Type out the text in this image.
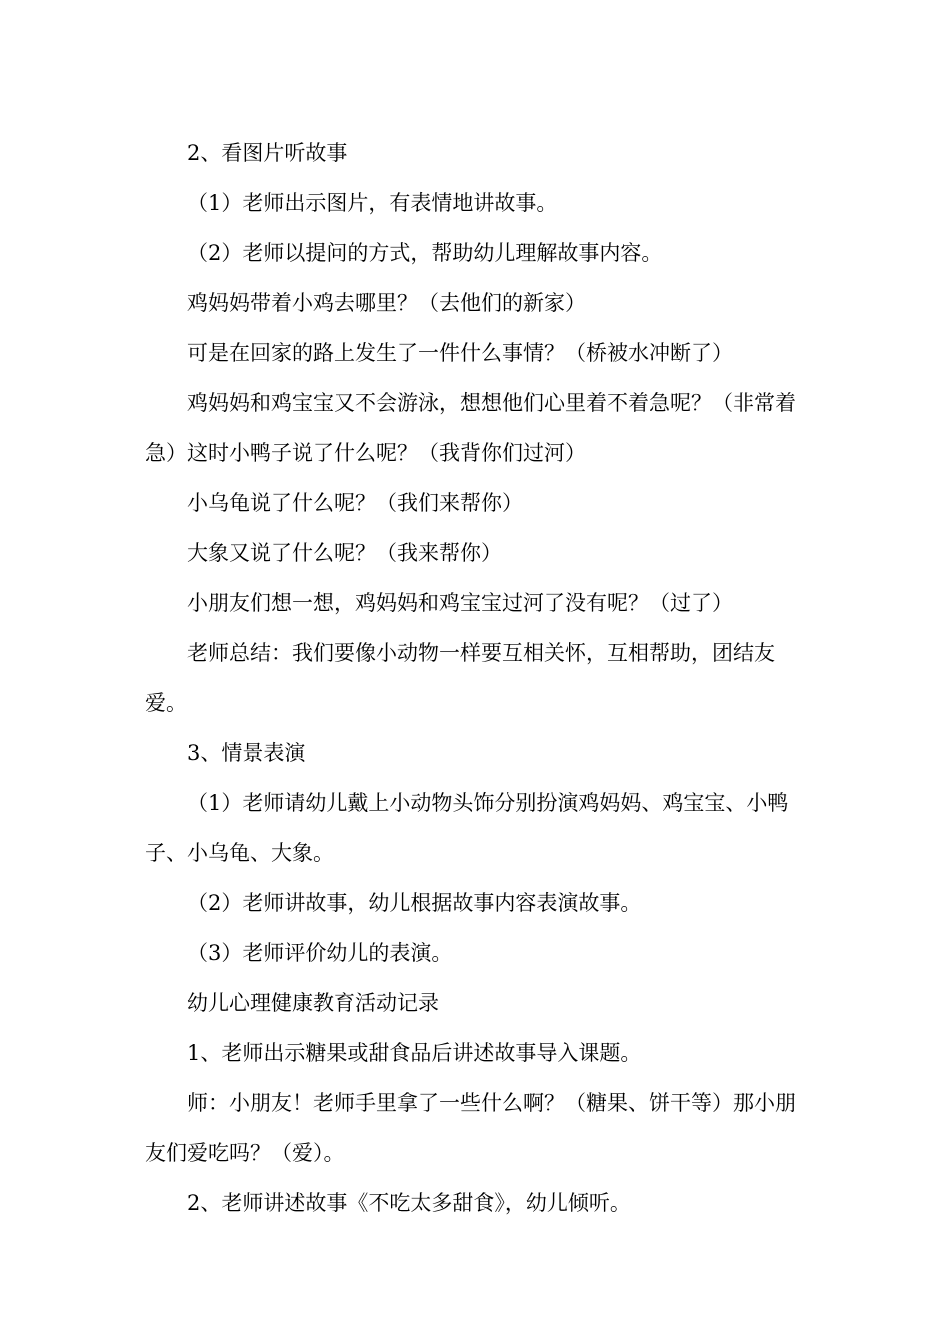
2、看图片听故事

（1）老师出示图片，有表情地讲故事。

（2）老师以提问的方式，帮助幼儿理解故事内容。

鸡妈妈带着小鸡去哪里？（去他们的新家）

可是在回家的路上发生了一件什么事情？（桥被水冲断了）

鸡妈妈和鸡宝宝又不会游泳，想想他们心里着不着急呢？（非常着急）这时小鸭子说了什么呢？（我背你们过河）

小乌龟说了什么呢？（我们来帮你）

大象又说了什么呢？（我来帮你）

小朋友们想一想，鸡妈妈和鸡宝宝过河了没有呢？（过了）

老师总结：我们要像小动物一样要互相关怀，互相帮助，团结友爱。

3、情景表演

（1）老师请幼儿戴上小动物头饰分别扮演鸡妈妈、鸡宝宝、小鸭子、小乌龟、大象。

（2）老师讲故事，幼儿根据故事内容表演故事。

（3）老师评价幼儿的表演。

幼儿心理健康教育活动记录

1、老师出示糖果或甜食品后讲述故事导入课题。

师：小朋友！老师手里拿了一些什么啊？（糖果、饼干等）那小朋友们爱吃吗？（爱）。

2、老师讲述故事《不吃太多甜食》，幼儿倾听。
